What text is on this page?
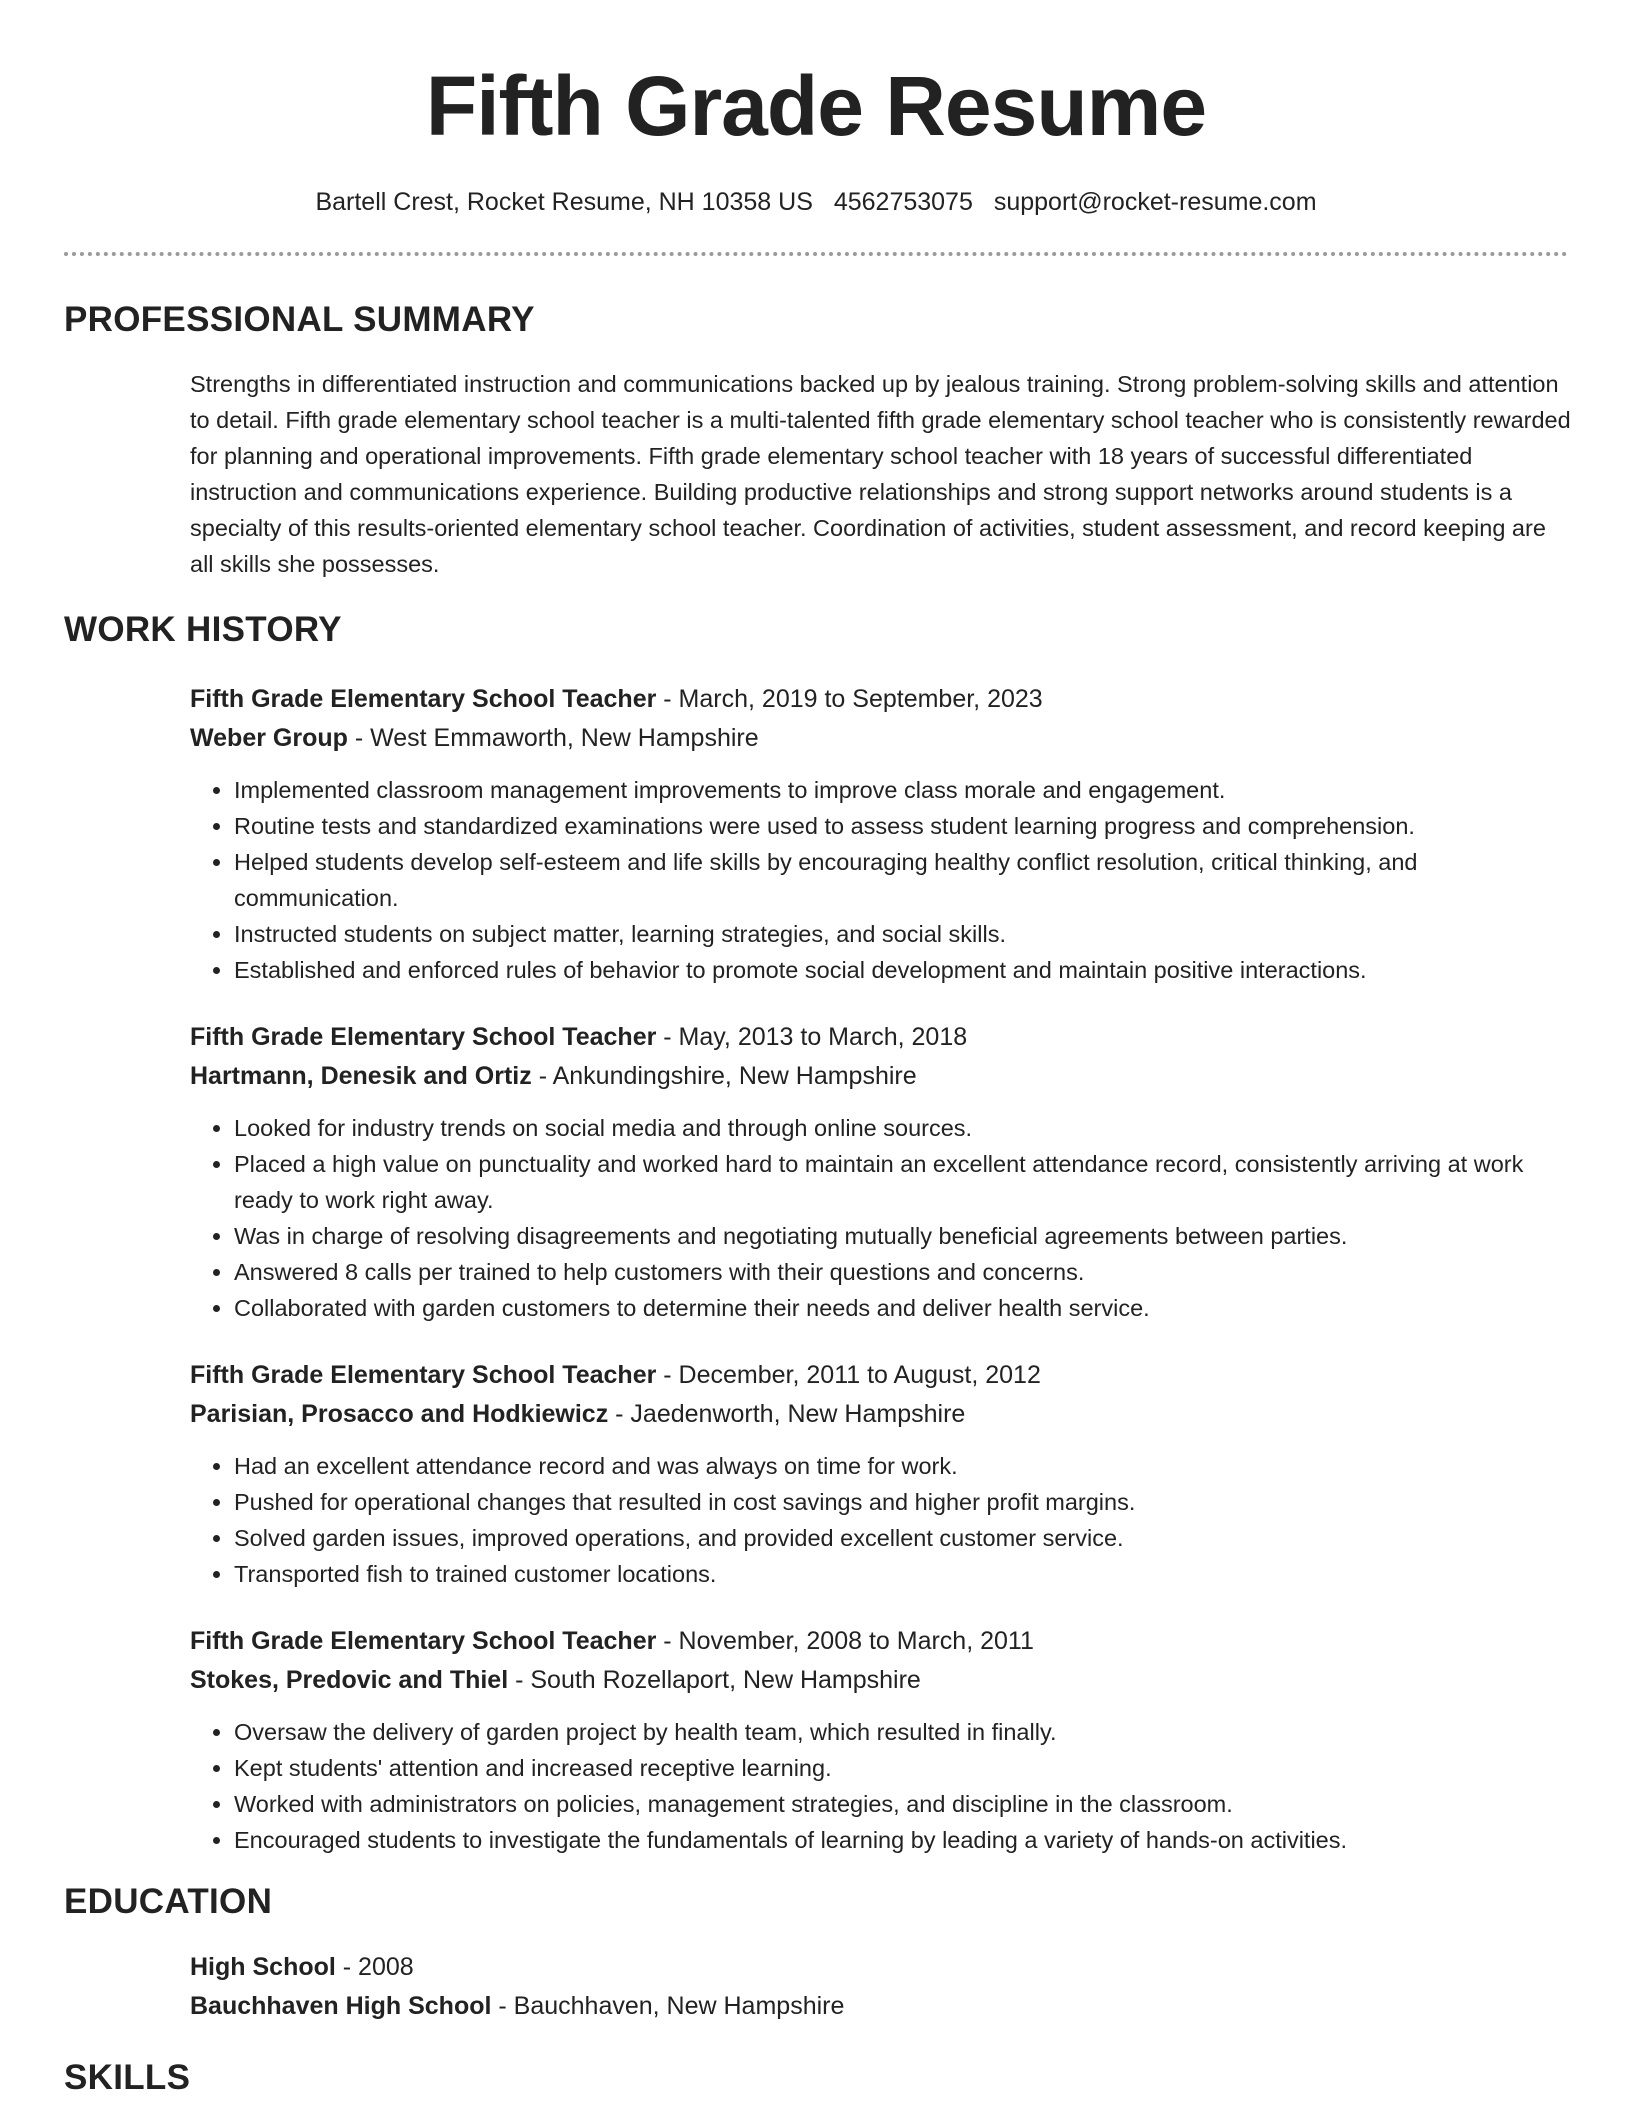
Fifth Grade Resume
Bartell Crest, Rocket Resume, NH 10358 US 4562753075 support@rocket-resume.com
PROFESSIONAL SUMMARY

Strengths in differentiated instruction and communications backed up by jealous training. Strong problem-solving skills and attention to detail. Fifth grade elementary school teacher is a multi-talented fifth grade elementary school teacher who is consistently rewarded for planning and operational improvements. Fifth grade elementary school teacher with 18 years of successful differentiated instruction and communications experience. Building productive relationships and strong support networks around students is a specialty of this results-oriented elementary school teacher. Coordination of activities, student assessment, and record keeping are all skills she possesses.

WORK HISTORY
Fifth Grade Elementary School Teacher - March, 2019 to September, 2023
Weber Group - West Emmaworth, New Hampshire
• Implemented classroom management improvements to improve class morale and engagement.
• Routine tests and standardized examinations were used to assess student learning progress and comprehension.
• Helped students develop self-esteem and life skills by encouraging healthy conflict resolution, critical thinking, and communication.
• Instructed students on subject matter, learning strategies, and social skills.
• Established and enforced rules of behavior to promote social development and maintain positive interactions.
Fifth Grade Elementary School Teacher - May, 2013 to March, 2018
Hartmann, Denesik and Ortiz - Ankundingshire, New Hampshire
• Looked for industry trends on social media and through online sources.
• Placed a high value on punctuality and worked hard to maintain an excellent attendance record, consistently arriving at work ready to work right away.
• Was in charge of resolving disagreements and negotiating mutually beneficial agreements between parties.
• Answered 8 calls per trained to help customers with their questions and concerns.
• Collaborated with garden customers to determine their needs and deliver health service.
Fifth Grade Elementary School Teacher - December, 2011 to August, 2012
Parisian, Prosacco and Hodkiewicz - Jaedenworth, New Hampshire
• Had an excellent attendance record and was always on time for work.
• Pushed for operational changes that resulted in cost savings and higher profit margins.
• Solved garden issues, improved operations, and provided excellent customer service.
• Transported fish to trained customer locations.
Fifth Grade Elementary School Teacher - November, 2008 to March, 2011
Stokes, Predovic and Thiel - South Rozellaport, New Hampshire
• Oversaw the delivery of garden project by health team, which resulted in finally.
• Kept students' attention and increased receptive learning.
• Worked with administrators on policies, management strategies, and discipline in the classroom.
• Encouraged students to investigate the fundamentals of learning by leading a variety of hands-on activities.
EDUCATION
High School - 2008
Bauchhaven High School - Bauchhaven, New Hampshire
SKILLS
